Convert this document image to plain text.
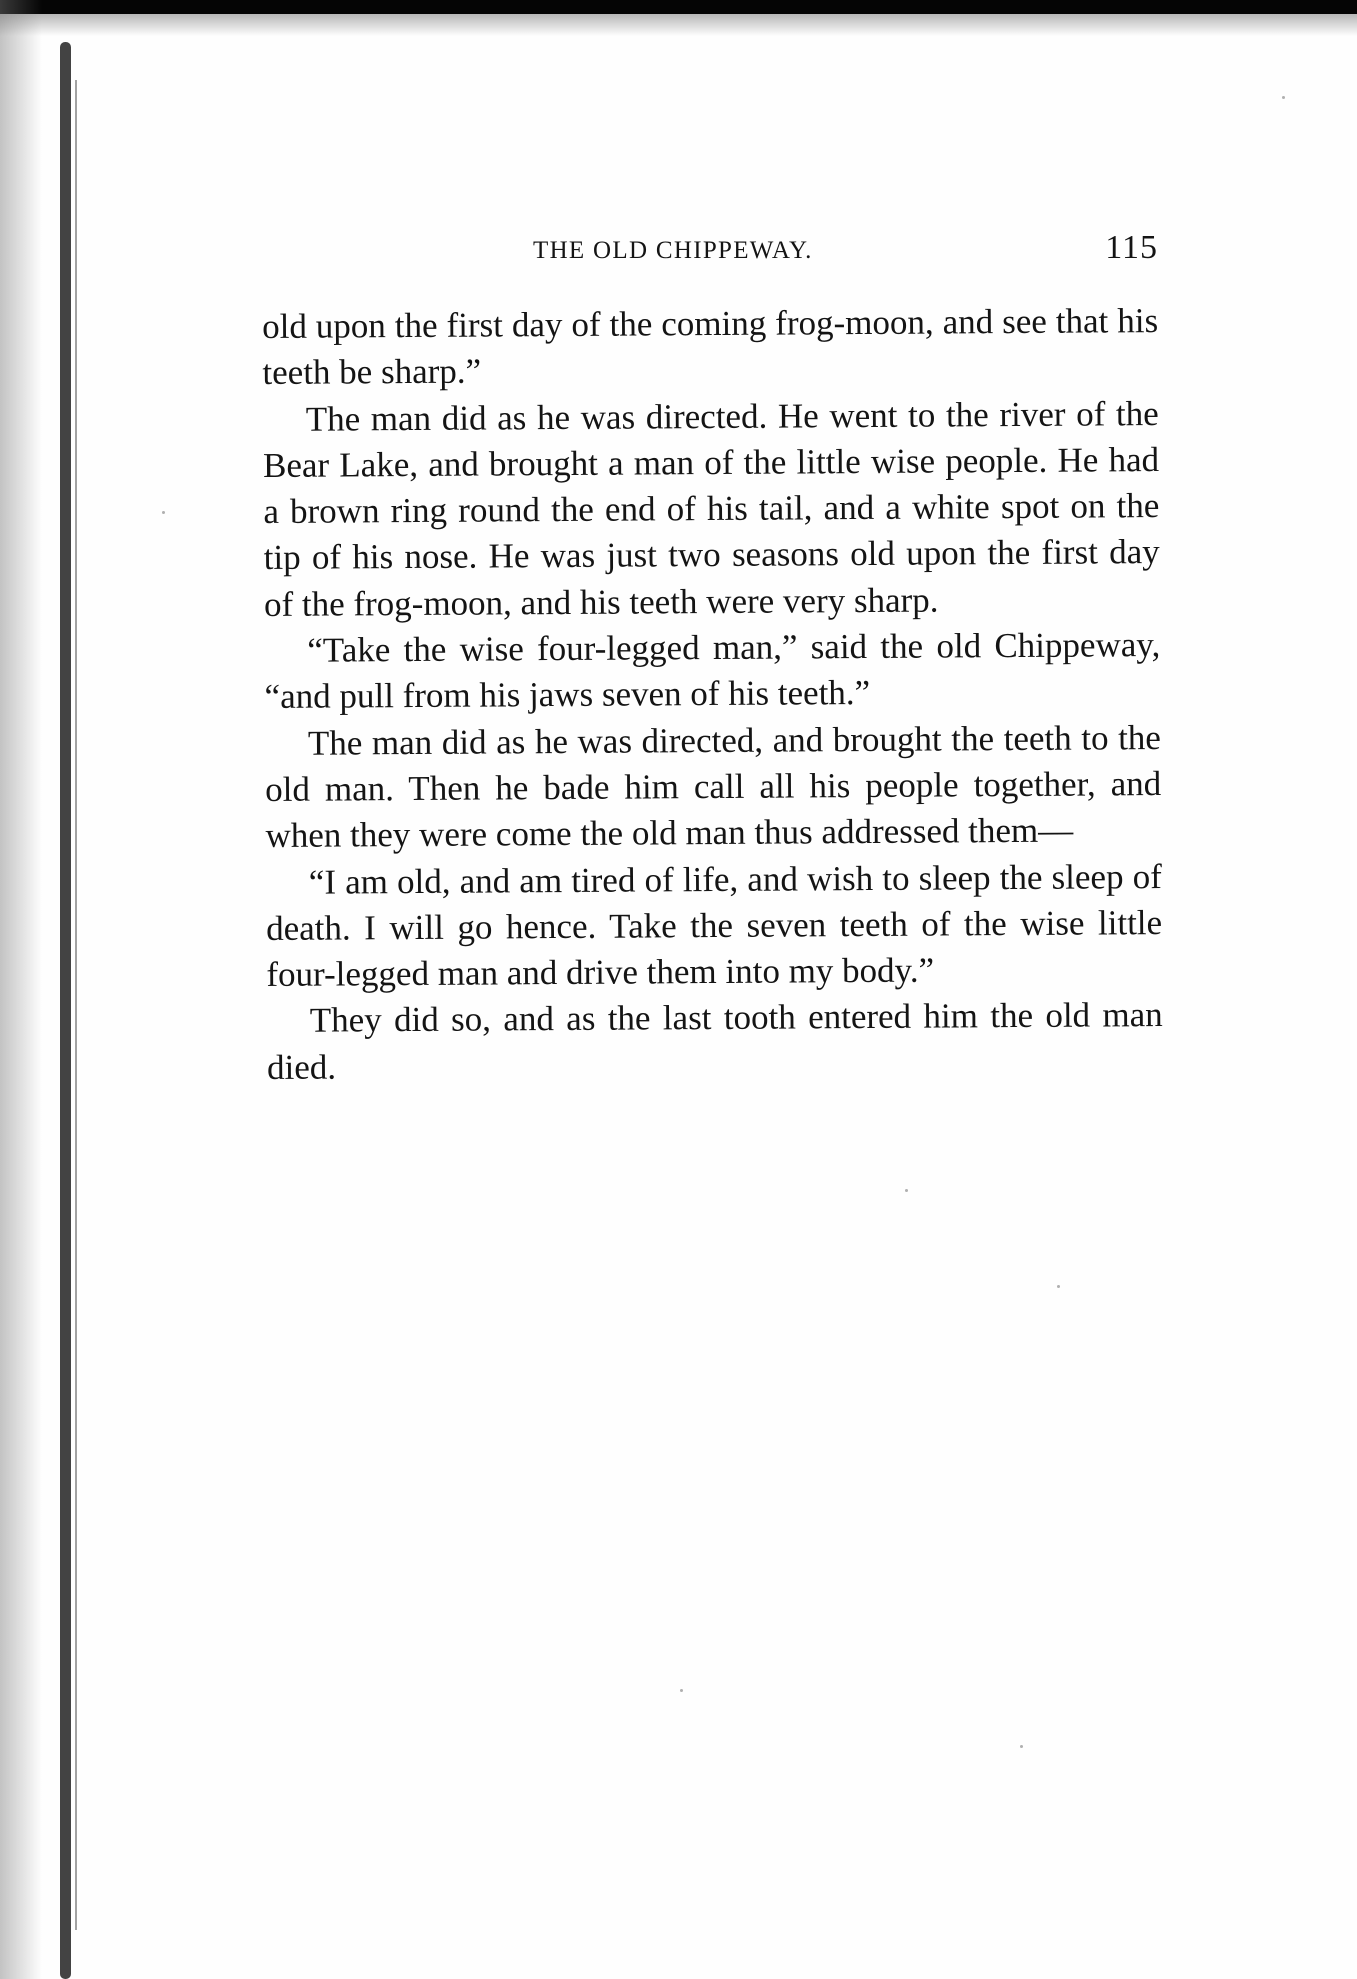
THE OLD CHIPPEWAY.	115

old upon the first day of the coming frog-moon, and see that his teeth be sharp.”

The man did as he was directed. He went to the river of the Bear Lake, and brought a man of the little wise people. He had a brown ring round the end of his tail, and a white spot on the tip of his nose. He was just two seasons old upon the first day of the frog-moon, and his teeth were very sharp.

“Take the wise four-legged man,” said the old Chippeway, “and pull from his jaws seven of his teeth.”

The man did as he was directed, and brought the teeth to the old man. Then he bade him call all his people together, and when they were come the old man thus addressed them—

“I am old, and am tired of life, and wish to sleep the sleep of death. I will go hence. Take the seven teeth of the wise little four-legged man and drive them into my body.”

They did so, and as the last tooth entered him the old man died.
